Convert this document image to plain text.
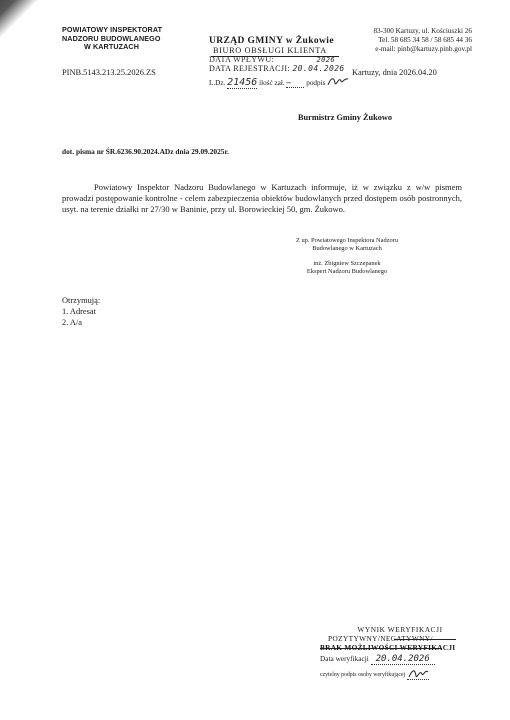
POWIATOWY INSPEKTORAT
NADZORU BUDOWLANEGO
W KARTUZACH
83-300 Kartuzy, ul. Kościuszki 26
Tel. 58 685 34 58 / 58 685 44 36
e-mail: pinb@kartuzy.pinb.gov.pl
URZĄD GMINY w Żukowie
BIURO OBSŁUGI KLIENTA
DATA WPŁYWU:	2026
DATA REJESTRACJI: 20.04.2026
L.Dz. 21456 ilość zał. — podpis
PINB.5143.213.25.2026.ZS	Kartuzy, dnia 2026.04.20
Burmistrz Gminy Żukowo
dot. pisma nr ŚR.6236.90.2024.ADz dnia 29.09.2025r.
Powiatowy Inspektor Nadzoru Budowlanego w Kartuzach informuje, iż w związku z w/w pismem prowadzi postępowanie kontrolne - celem zabezpieczenia obiektów budowlanych przed dostępem osób postronnych, usyt. na terenie działki nr 27/30 w Baninie, przy ul. Borowieckiej 50, gm. Żukowo.
Z up. Powiatowego Inspektora Nadzoru
Budowlanego w Kartuzach
inż. Zbigniew Szczepanek
Ekspert Nadzoru Budowlanego
Otrzymują:
1. Adresat
2. A/a
WYNIK WERYFIKACJI
POZYTYWNY/NEGATYWNY/
BRAK MOŻLIWOŚCI WERYFIKACJI
Data weryfikacji 20.04.2026
czytelny podpis osoby weryfikującej
